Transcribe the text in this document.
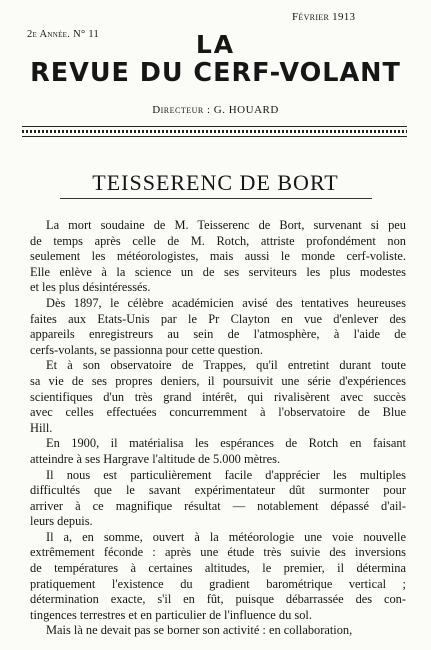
2e Année. N° 11
Février 1913
LA
REVUE DU CERF-VOLANT
Directeur : G. HOUARD
TEISSERENC DE BORT
La mort soudaine de M. Teisserenc de Bort, survenant si peu
de temps après celle de M. Rotch, attriste profondément non
seulement les météorologistes, mais aussi le monde cerf-voliste.
Elle enlève à la science un de ses serviteurs les plus modestes
et les plus désintéressés.
Dès 1897, le célèbre académicien avisé des tentatives heureuses
faites aux Etats-Unis par le Pr Clayton en vue d'enlever des
appareils enregistreurs au sein de l'atmosphère, à l'aide de
cerfs-volants, se passionna pour cette question.
Et à son observatoire de Trappes, qu'il entretint durant toute
sa vie de ses propres deniers, il poursuivit une série d'expériences
scientifiques d'un très grand intérêt, qui rivalisèrent avec succès
avec celles effectuées concurremment à l'observatoire de Blue
Hill.
En 1900, il matérialisa les espérances de Rotch en faisant
atteindre à ses Hargrave l'altitude de 5.000 mètres.
Il nous est particulièrement facile d'apprécier les multiples
difficultés que le savant expérimentateur dût surmonter pour
arriver à ce magnifique résultat — notablement dépassé d'ail-
leurs depuis.
Il a, en somme, ouvert à la météorologie une voie nouvelle
extrêmement féconde : après une étude très suivie des inversions
de températures à certaines altitudes, le premier, il détermina
pratiquement l'existence du gradient barométrique vertical ;
détermination exacte, s'il en fût, puisque débarrassée des con-
tingences terrestres et en particulier de l'influence du sol.
Mais là ne devait pas se borner son activité : en collaboration,
